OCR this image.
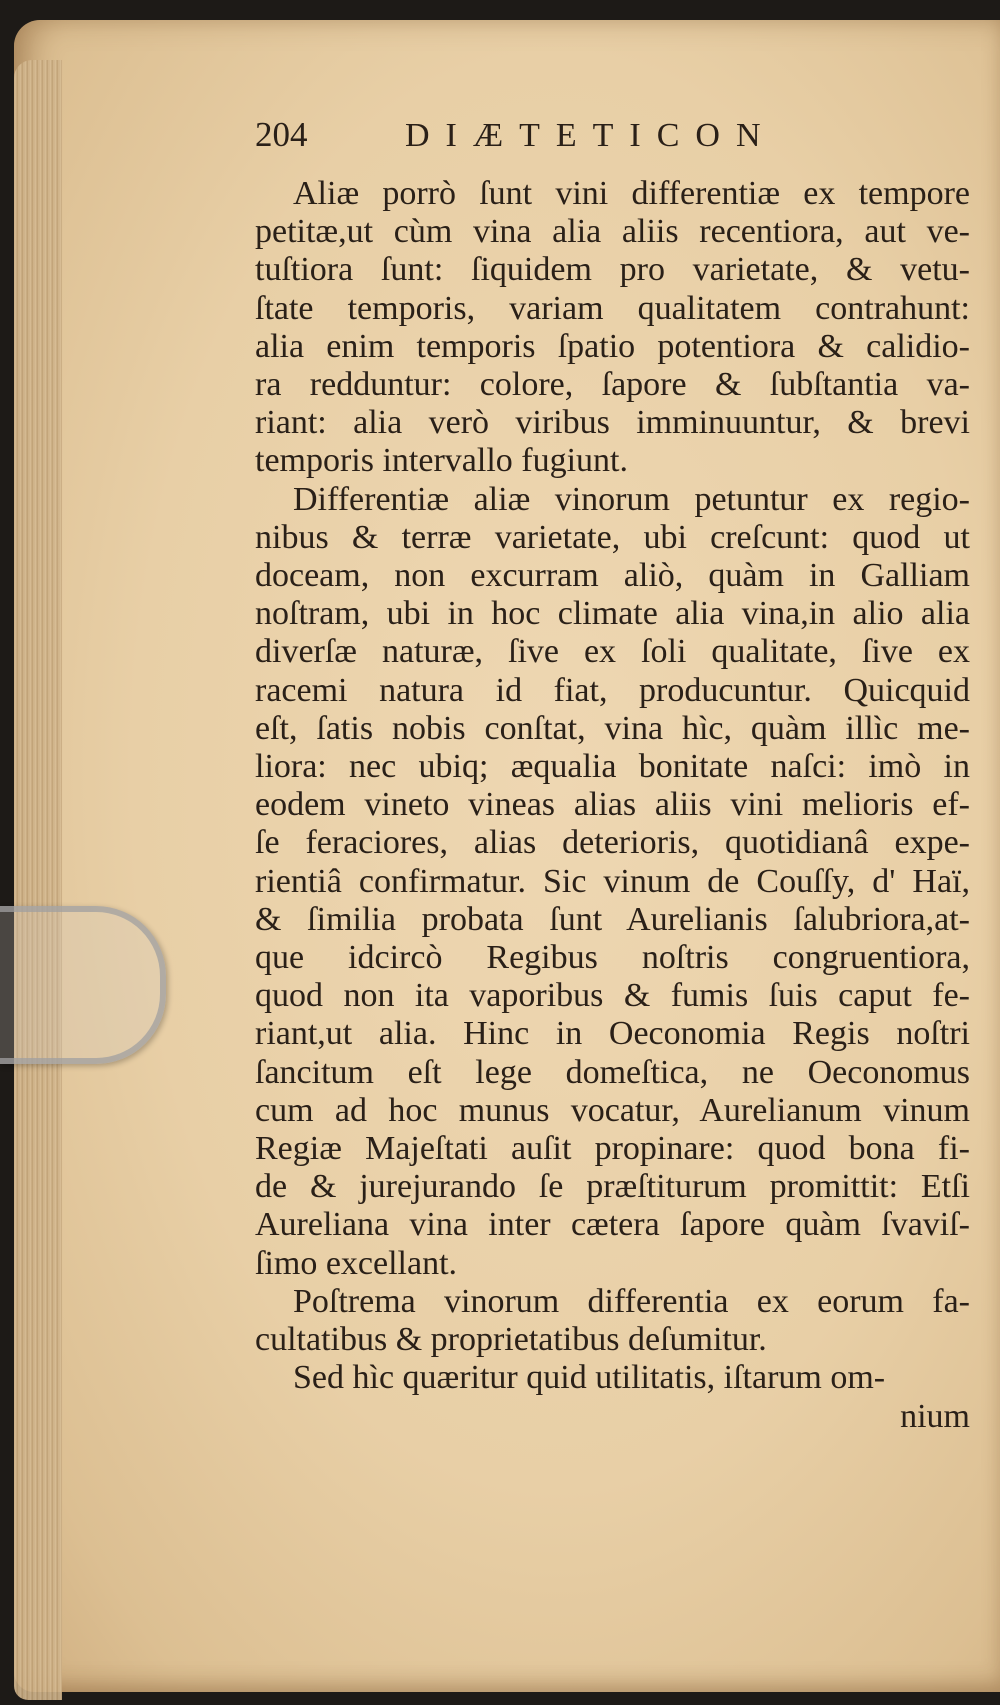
204	DIÆTETICON
Aliæ porrò ſunt vini differentiæ ex tempore
petitæ,ut cùm vina alia aliis recentiora, aut ve-
tuſtiora ſunt: ſiquidem pro varietate, & vetu-
ſtate temporis, variam qualitatem contrahunt:
alia enim temporis ſpatio potentiora & calidio-
ra redduntur: colore, ſapore & ſubſtantia va-
riant: alia verò viribus imminuuntur, & brevi
temporis intervallo fugiunt.
Differentiæ aliæ vinorum petuntur ex regio-
nibus & terræ varietate, ubi creſcunt: quod ut
doceam, non excurram aliò, quàm in Galliam
noſtram, ubi in hoc climate alia vina,in alio alia
diverſæ naturæ, ſive ex ſoli qualitate, ſive ex
racemi natura id fiat, producuntur. Quicquid
eſt, ſatis nobis conſtat, vina hìc, quàm illìc me-
liora: nec ubiq; æqualia bonitate naſci: imò in
eodem vineto vineas alias aliis vini melioris ef-
ſe feraciores, alias deterioris, quotidianâ expe-
rientiâ confirmatur. Sic vinum de Couſſy, d' Haï,
& ſimilia probata ſunt Aurelianis ſalubriora,at-
que idcircò Regibus noſtris congruentiora,
quod non ita vaporibus & fumis ſuis caput fe-
riant,ut alia. Hinc in Oeconomia Regis noſtri
ſancitum eſt lege domeſtica, ne Oeconomus
cum ad hoc munus vocatur, Aurelianum vinum
Regiæ Majeſtati auſit propinare: quod bona fi-
de & jurejurando ſe præſtiturum promittit: Etſi
Aureliana vina inter cætera ſapore quàm ſvaviſ-
ſimo excellant.
Poſtrema vinorum differentia ex eorum fa-
cultatibus & proprietatibus deſumitur.
Sed hìc quæritur quid utilitatis, iſtarum om-
nium
